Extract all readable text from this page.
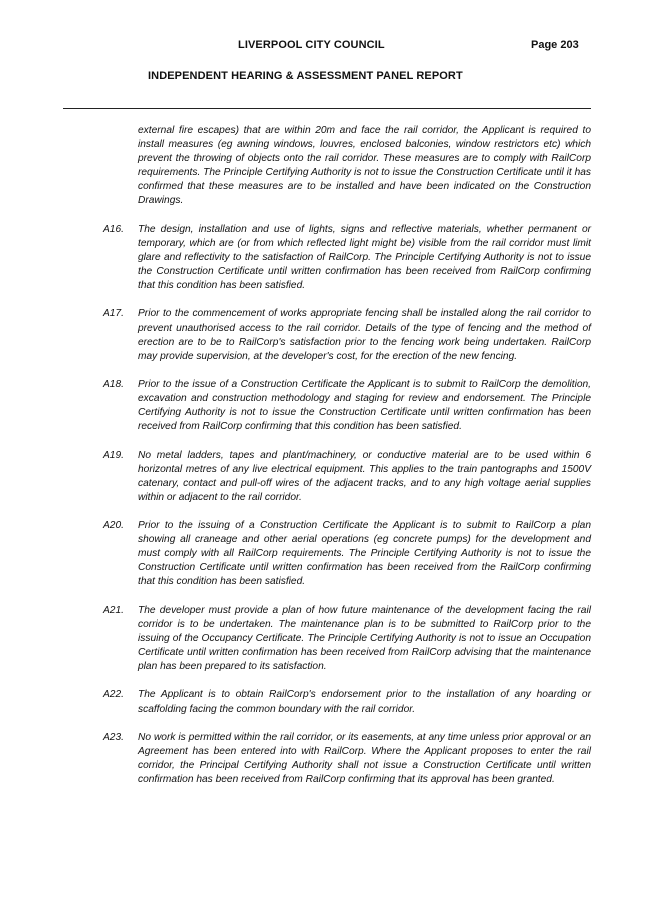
LIVERPOOL CITY COUNCIL	Page 203
INDEPENDENT HEARING & ASSESSMENT PANEL REPORT

external fire escapes) that are within 20m and face the rail corridor, the Applicant is required to install measures (eg awning windows, louvres, enclosed balconies, window restrictors etc) which prevent the throwing of objects onto the rail corridor. These measures are to comply with RailCorp requirements. The Principle Certifying Authority is not to issue the Construction Certificate until it has confirmed that these measures are to be installed and have been indicated on the Construction Drawings.

A16.	The design, installation and use of lights, signs and reflective materials, whether permanent or temporary, which are (or from which reflected light might be) visible from the rail corridor must limit glare and reflectivity to the satisfaction of RailCorp. The Principle Certifying Authority is not to issue the Construction Certificate until written confirmation has been received from RailCorp confirming that this condition has been satisfied.

A17.	Prior to the commencement of works appropriate fencing shall be installed along the rail corridor to prevent unauthorised access to the rail corridor. Details of the type of fencing and the method of erection are to be to RailCorp's satisfaction prior to the fencing work being undertaken. RailCorp may provide supervision, at the developer's cost, for the erection of the new fencing.

A18.	Prior to the issue of a Construction Certificate the Applicant is to submit to RailCorp the demolition, excavation and construction methodology and staging for review and endorsement. The Principle Certifying Authority is not to issue the Construction Certificate until written confirmation has been received from RailCorp confirming that this condition has been satisfied.

A19.	No metal ladders, tapes and plant/machinery, or conductive material are to be used within 6 horizontal metres of any live electrical equipment. This applies to the train pantographs and 1500V catenary, contact and pull-off wires of the adjacent tracks, and to any high voltage aerial supplies within or adjacent to the rail corridor.

A20.	Prior to the issuing of a Construction Certificate the Applicant is to submit to RailCorp a plan showing all craneage and other aerial operations (eg concrete pumps) for the development and must comply with all RailCorp requirements. The Principle Certifying Authority is not to issue the Construction Certificate until written confirmation has been received from the RailCorp confirming that this condition has been satisfied.

A21.	The developer must provide a plan of how future maintenance of the development facing the rail corridor is to be undertaken. The maintenance plan is to be submitted to RailCorp prior to the issuing of the Occupancy Certificate. The Principle Certifying Authority is not to issue an Occupation Certificate until written confirmation has been received from RailCorp advising that the maintenance plan has been prepared to its satisfaction.

A22.	The Applicant is to obtain RailCorp's endorsement prior to the installation of any hoarding or scaffolding facing the common boundary with the rail corridor.

A23.	No work is permitted within the rail corridor, or its easements, at any time unless prior approval or an Agreement has been entered into with RailCorp. Where the Applicant proposes to enter the rail corridor, the Principal Certifying Authority shall not issue a Construction Certificate until written confirmation has been received from RailCorp confirming that its approval has been granted.
